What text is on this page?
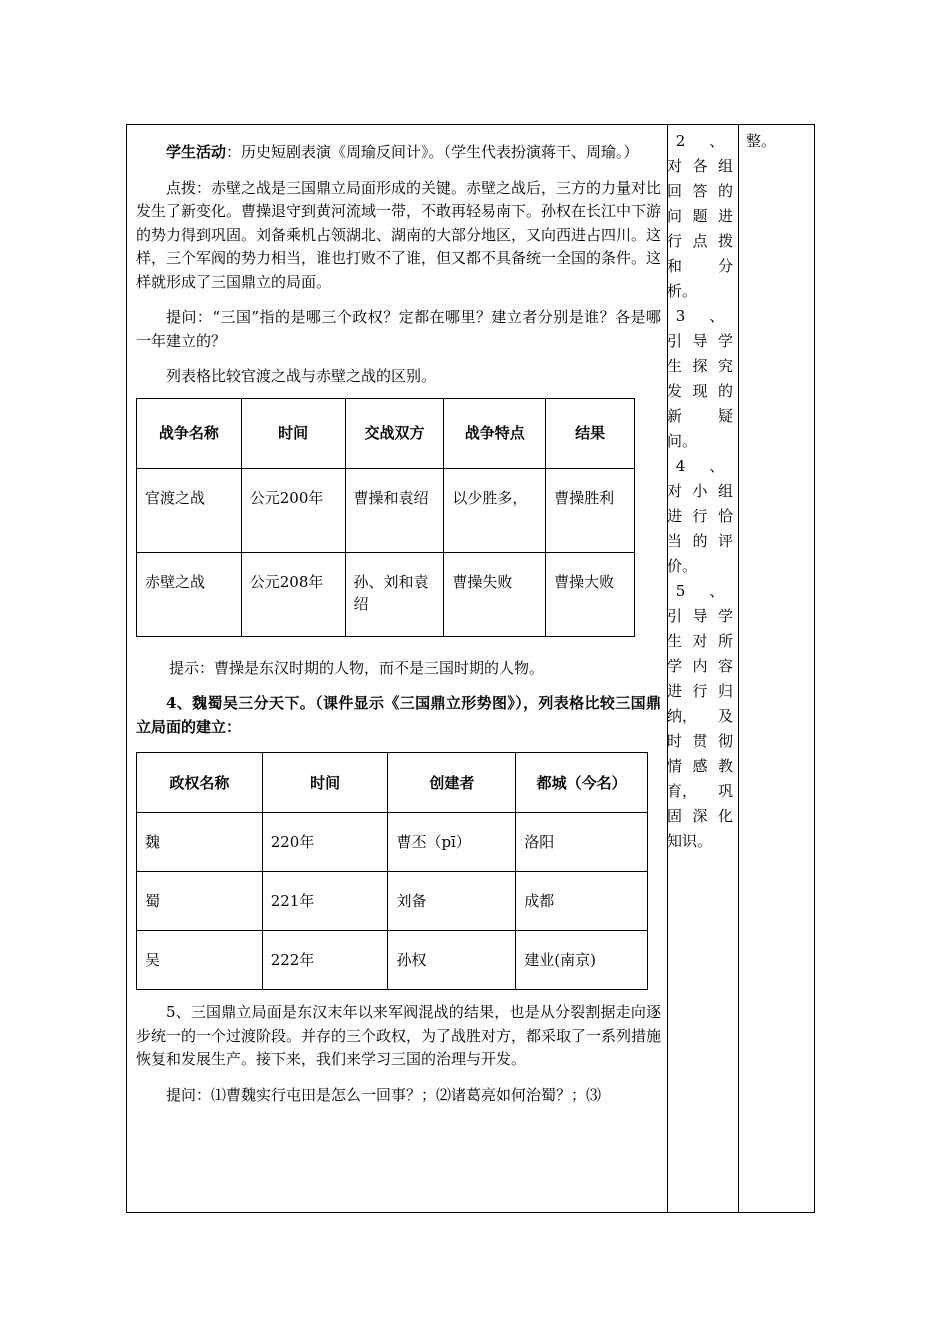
学生活动：历史短剧表演《周瑜反间计》。（学生代表扮演蒋干、周瑜。）

点拨：赤壁之战是三国鼎立局面形成的关键。赤壁之战后，三方的力量对比发生了新变化。曹操退守到黄河流域一带，不敢再轻易南下。孙权在长江中下游的势力得到巩固。刘备乘机占领湖北、湖南的大部分地区，又向西进占四川。这样，三个军阀的势力相当，谁也打败不了谁，但又都不具备统一全国的条件。这样就形成了三国鼎立的局面。

提问：“三国”指的是哪三个政权？定都在哪里？建立者分别是谁？各是哪一年建立的？

列表格比较官渡之战与赤壁之战的区别。

战争名称	时间	交战双方	战争特点	结果
官渡之战	公元200年	曹操和袁绍	以少胜多，	曹操胜利
赤壁之战	公元208年	孙、刘和袁绍	曹操失败	曹操大败

提示：曹操是东汉时期的人物，而不是三国时期的人物。

4、魏蜀吴三分天下。（课件显示《三国鼎立形势图》），列表格比较三国鼎立局面的建立：

政权名称	时间	创建者	都城（今名）
魏	220年	曹丕（pī）	洛阳
蜀	221年	刘备	成都
吴	222年	孙权	建业(南京)

5、三国鼎立局面是东汉末年以来军阀混战的结果，也是从分裂割据走向逐步统一的一个过渡阶段。并存的三个政权，为了战胜对方，都采取了一系列措施恢复和发展生产。接下来，我们来学习三国的治理与开发。

提问：⑴曹魏实行屯田是怎么一回事？；⑵诸葛亮如何治蜀？；⑶

2 、
对 各 组
回 答 的
问 题 进
行 点 拨
和 分
析。
3 、
引 导 学
生 探 究
发 现 的
新 疑
问。
4 、
对 小 组
进 行 恰
当 的 评
价。
5 、
引 导 学
生 对 所
学 内 容
进 行 归
纳， 及
时 贯 彻
情 感 教
育， 巩
固 深 化
知识。
整。
